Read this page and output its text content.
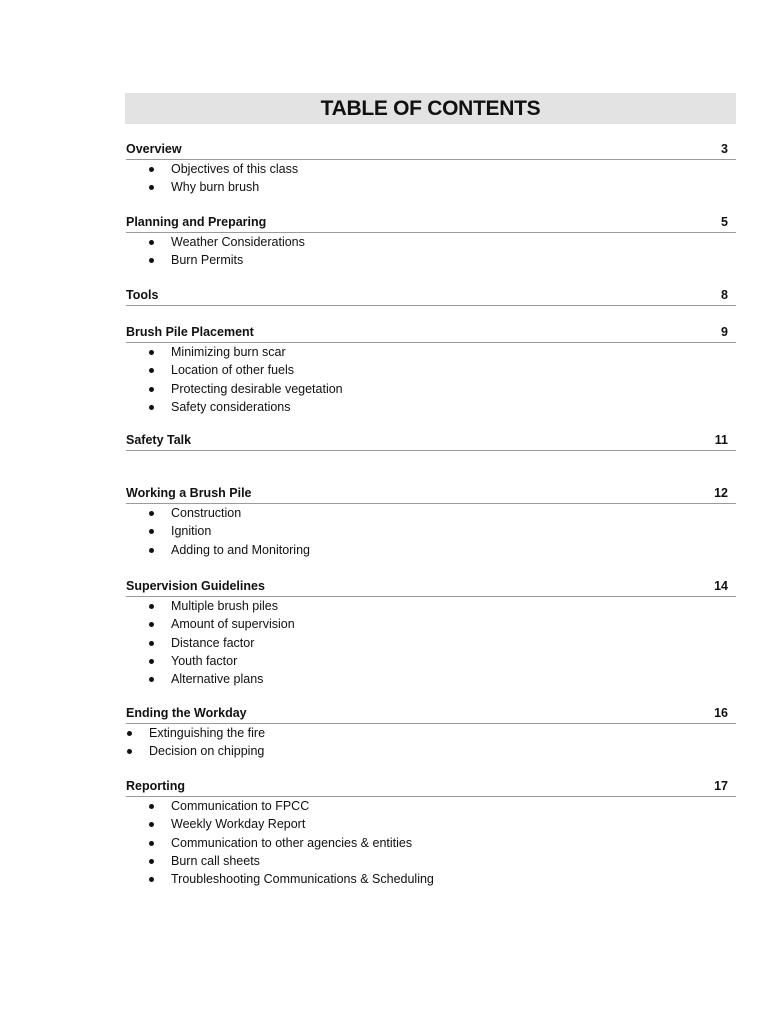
TABLE OF CONTENTS
Overview	3
Objectives of this class
Why burn brush
Planning and Preparing	5
Weather Considerations
Burn Permits
Tools	8
Brush Pile Placement	9
Minimizing burn scar
Location of other fuels
Protecting desirable vegetation
Safety considerations
Safety Talk	11
Working a Brush Pile	12
Construction
Ignition
Adding to and Monitoring
Supervision Guidelines	14
Multiple brush piles
Amount of supervision
Distance factor
Youth factor
Alternative plans
Ending the Workday	16
Extinguishing the fire
Decision on chipping
Reporting	17
Communication to FPCC
Weekly Workday Report
Communication to other agencies & entities
Burn call sheets
Troubleshooting Communications & Scheduling
